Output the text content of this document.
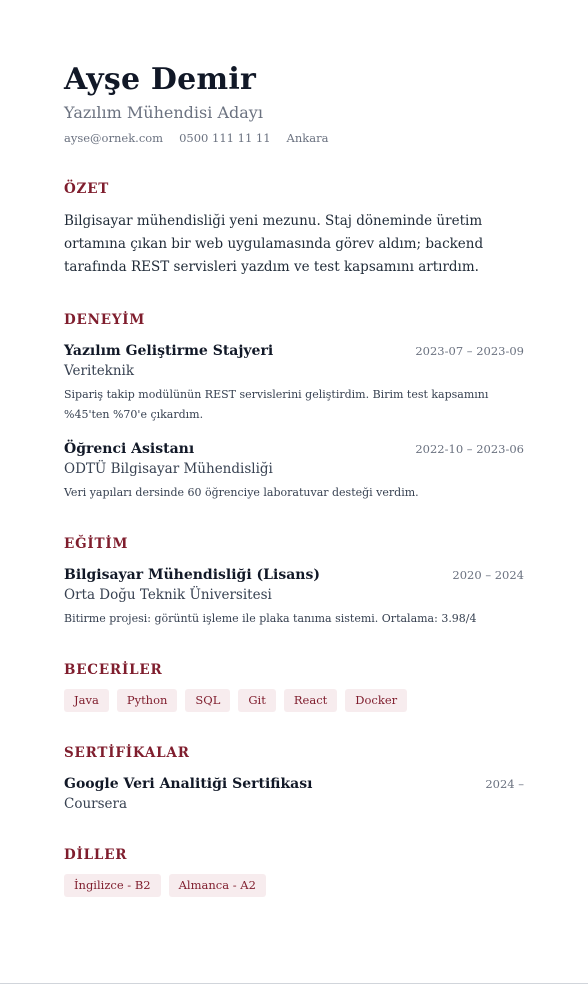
Ayşe Demir
Yazılım Mühendisi Adayı
ayse@ornek.com 0500 111 11 11 Ankara
ÖZET
Bilgisayar mühendisliği yeni mezunu. Staj döneminde üretim ortamına çıkan bir web uygulamasında görev aldım; backend tarafında REST servisleri yazdım ve test kapsamını artırdım.
DENEYİM
Yazılım Geliştirme Stajyeri	2023-07 – 2023-09
Veriteknik
Sipariş takip modülünün REST servislerini geliştirdim. Birim test kapsamını %45'ten %70'e çıkardım.
Öğrenci Asistanı	2022-10 – 2023-06
ODTÜ Bilgisayar Mühendisliği
Veri yapıları dersinde 60 öğrenciye laboratuvar desteği verdim.
EĞİTİM
Bilgisayar Mühendisliği (Lisans)	2020 – 2024
Orta Doğu Teknik Üniversitesi
Bitirme projesi: görüntü işleme ile plaka tanıma sistemi. Ortalama: 3.98/4
BECERİLER
Java	Python	SQL	Git	React	Docker
SERTİFİKALAR
Google Veri Analitiği Sertifikası	2024 –
Coursera
DİLLER
İngilizce - B2	Almanca - A2
